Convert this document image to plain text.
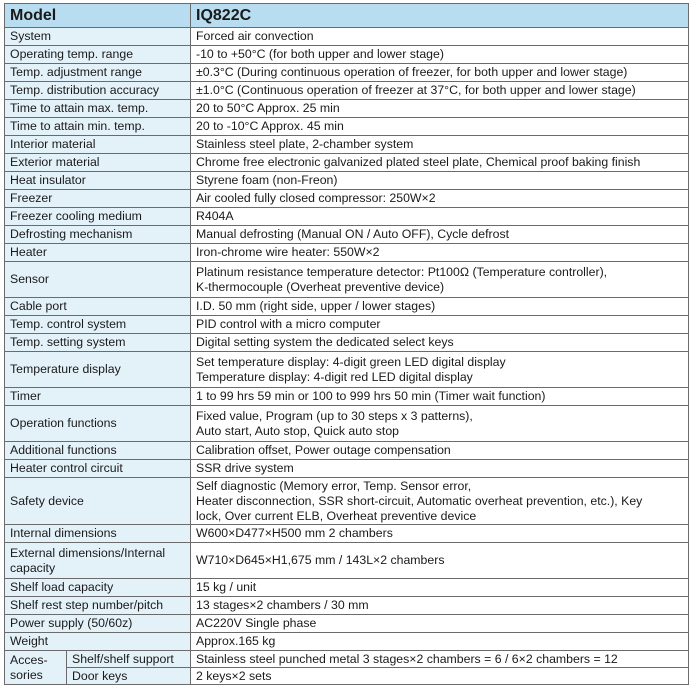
Model		IQ822C

System		Forced air convection

Operating temp. range		-10 to +50°C (for both upper and lower stage)

Temp. adjustment range		±0.3°C (During continuous operation of freezer, for both upper and lower stage)

Temp. distribution accuracy		±1.0°C (Continuous operation of freezer at 37°C, for both upper and lower stage)

Time to attain max. temp.		20 to 50°C Approx. 25 min

Time to attain min. temp.		20 to -10°C Approx. 45 min

Interior material		Stainless steel plate, 2-chamber system

Exterior material		Chrome free electronic galvanized plated steel plate, Chemical proof baking finish

Heat insulator		Styrene foam (non-Freon)

Freezer		Air cooled fully closed compressor: 250W×2

Freezer cooling medium		R404A

Defrosting mechanism		Manual defrosting (Manual ON / Auto OFF), Cycle defrost

Heater		Iron-chrome wire heater: 550W×2

Sensor		Platinum resistance temperature detector: Pt100Ω (Temperature controller),
K-thermocouple (Overheat preventive device)

Cable port		I.D. 50 mm (right side, upper / lower stages)

Temp. control system		PID control with a micro computer

Temp. setting system		Digital setting system the dedicated select keys

Temperature display		Set temperature display: 4-digit green LED digital display
Temperature display: 4-digit red LED digital display

Timer		1 to 99 hrs 59 min or 100 to 999 hrs 50 min (Timer wait function)

Operation functions		Fixed value, Program (up to 30 steps x 3 patterns),
Auto start, Auto stop, Quick auto stop

Additional functions		Calibration offset, Power outage compensation

Heater control circuit		SSR drive system

Safety device		Self diagnostic (Memory error, Temp. Sensor error,
Heater disconnection, SSR short-circuit, Automatic overheat prevention, etc.), Key
lock, Over current ELB, Overheat preventive device

Internal dimensions		W600×D477×H500 mm 2 chambers

External dimensions/Internal
capacity		W710×D645×H1,675 mm / 143L×2 chambers

Shelf load capacity		15 kg / unit

Shelf rest step number/pitch		13 stages×2 chambers / 30 mm

Power supply (50/60z)		AC220V Single phase

Weight		Approx.165 kg

Acces-
sories	Shelf/shelf support	Stainless steel punched metal 3 stages×2 chambers = 6 / 6×2 chambers = 12
	Door keys	2 keys×2 sets
